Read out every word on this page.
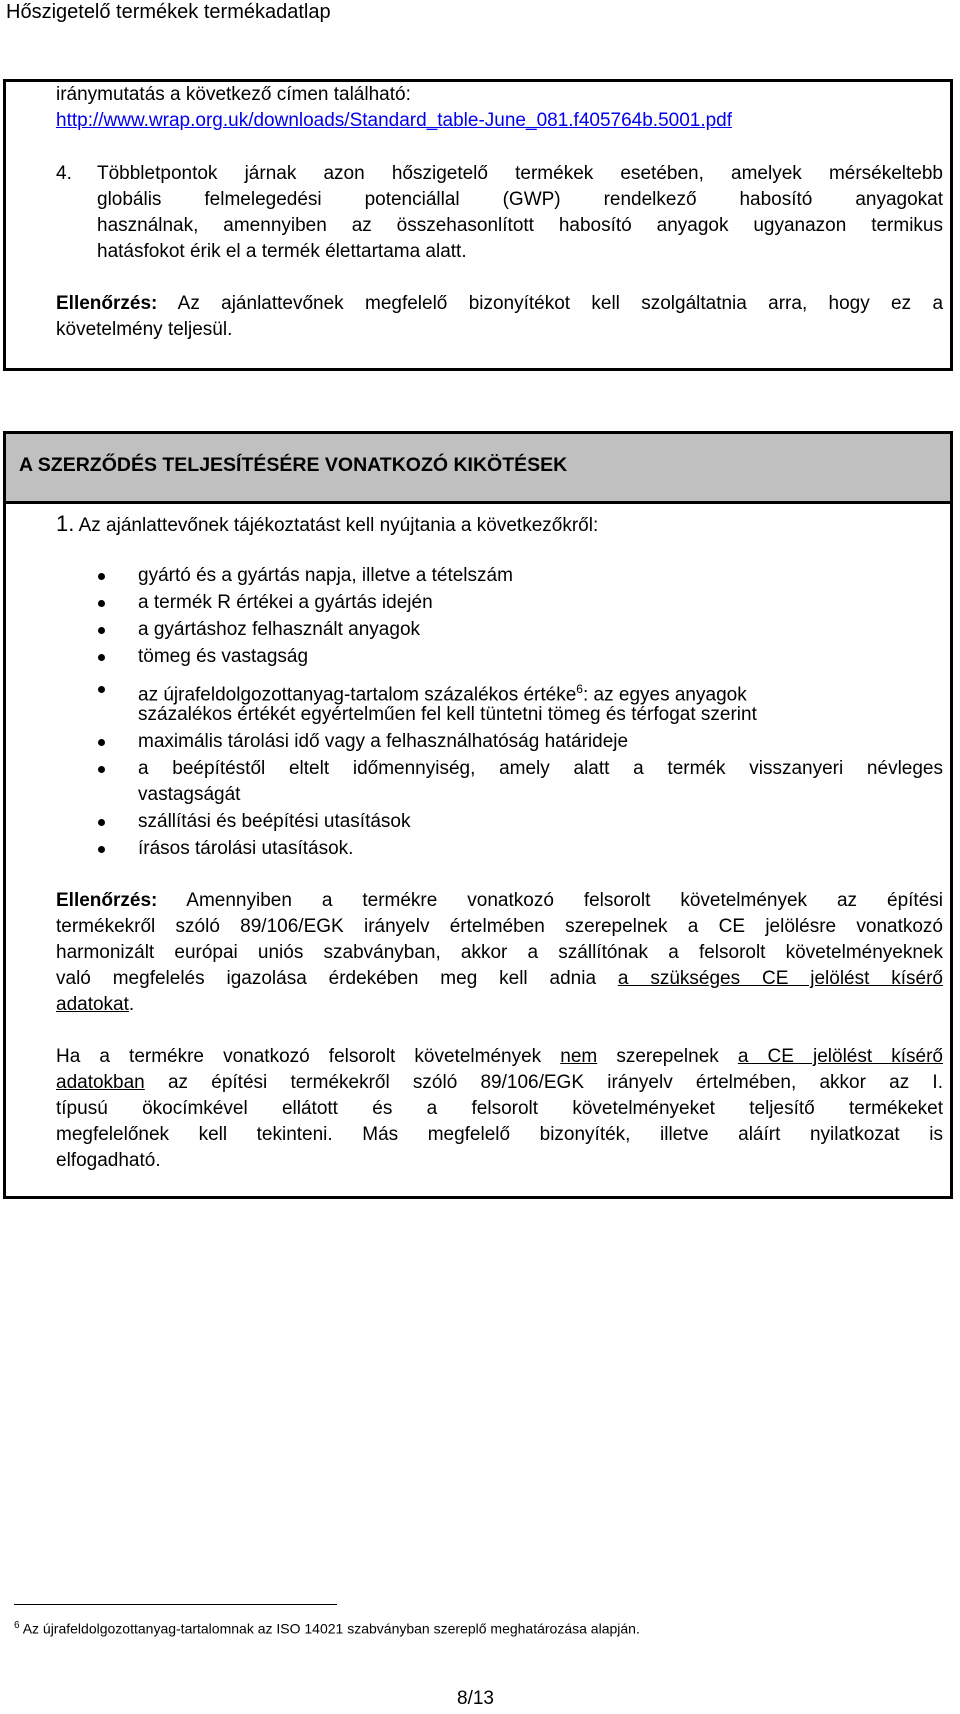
Hőszigetelő termékek termékadatlap
iránymutatás a következő címen található:
http://www.wrap.org.uk/downloads/Standard_table-June_081.f405764b.5001.pdf
4. Többletpontok járnak azon hőszigetelő termékek esetében, amelyek mérsékeltebb
globális felmelegedési potenciállal (GWP) rendelkező habosító anyagokat
használnak, amennyiben az összehasonlított habosító anyagok ugyanazon termikus
hatásfokot érik el a termék élettartama alatt.
Ellenőrzés: Az ajánlattevőnek megfelelő bizonyítékot kell szolgáltatnia arra, hogy ez a
követelmény teljesül.
A SZERZŐDÉS TELJESÍTÉSÉRE VONATKOZÓ KIKÖTÉSEK
1. Az ajánlattevőnek tájékoztatást kell nyújtania a következőkről:
gyártó és a gyártás napja, illetve a tételszám
a termék R értékei a gyártás idején
a gyártáshoz felhasznált anyagok
tömeg és vastagság
az újrafeldolgozottanyag-tartalom százalékos értéke$^6$: az egyes anyagok
százalékos értékét egyértelműen fel kell tüntetni tömeg és térfogat szerint
maximális tárolási idő vagy a felhasználhatóság határideje
a beépítéstől eltelt időmennyiség, amely alatt a termék visszanyeri névleges
vastagságát
szállítási és beépítési utasítások
írásos tárolási utasítások.
Ellenőrzés: Amennyiben a termékre vonatkozó felsorolt követelmények az építési
termékekről szóló 89/106/EGK irányelv értelmében szerepelnek a CE jelölésre vonatkozó
harmonizált európai uniós szabványban, akkor a szállítónak a felsorolt követelményeknek
való megfelelés igazolása érdekében meg kell adnia a szükséges CE jelölést kísérő
adatokat.
Ha a termékre vonatkozó felsorolt követelmények nem szerepelnek a CE jelölést kísérő
adatokban az építési termékekről szóló 89/106/EGK irányelv értelmében, akkor az I.
típusú ökocímkével ellátott és a felsorolt követelményeket teljesítő termékeket
megfelelőnek kell tekinteni. Más megfelelő bizonyíték, illetve aláírt nyilatkozat is
elfogadható.
$^6$ Az újrafeldolgozottanyag-tartalomnak az ISO 14021 szabványban szereplő meghatározása alapján.
8/13
